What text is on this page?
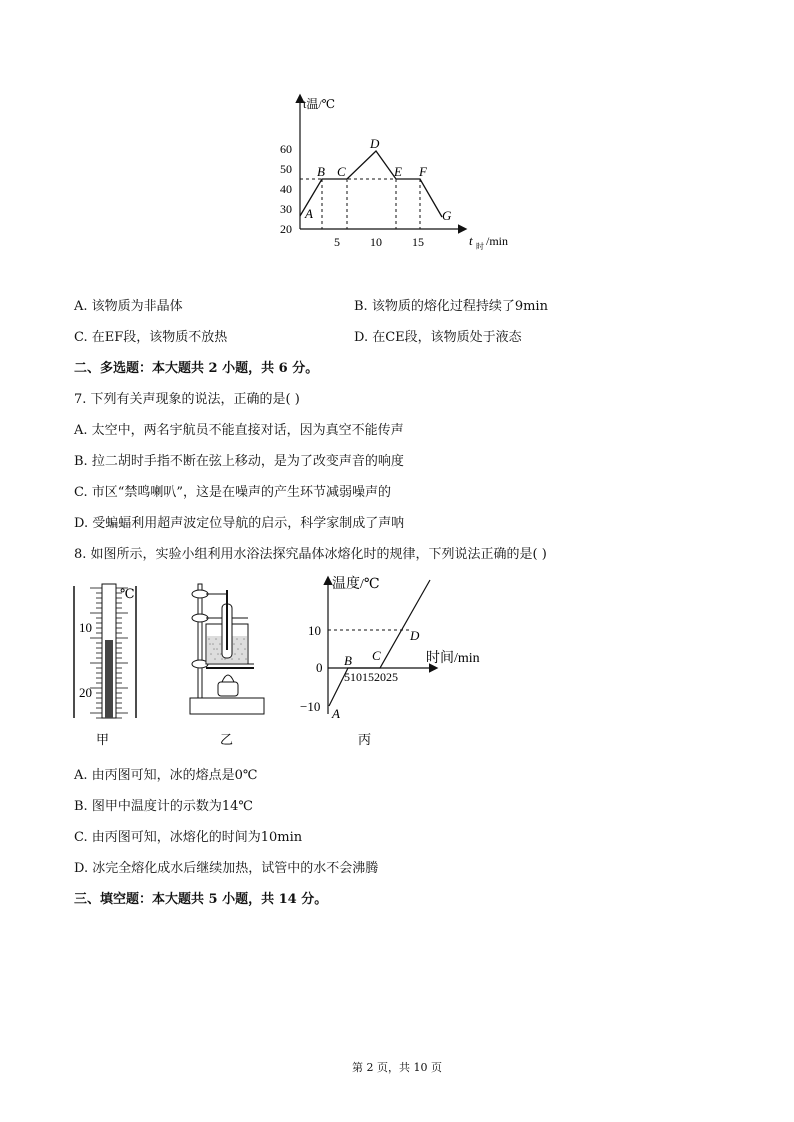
t温/℃
t 时 /min
20
30
40
50
60
5	10	15
A
B C
D
E F
G
A. 该物质为非晶体	B. 该物质的熔化过程持续了9min
C. 在EF段，该物质不放热	D. 在CE段，该物质处于液态
二、多选题：本大题共 2 小题，共 6 分。
7. 下列有关声现象的说法，正确的是( )
A. 太空中，两名宇航员不能直接对话，因为真空不能传声
B. 拉二胡时手指不断在弦上移动，是为了改变声音的响度
C. 市区“禁鸣喇叭”，这是在噪声的产生环节减弱噪声的
D. 受蝙蝠利用超声波定位导航的启示，科学家制成了声呐
8. 如图所示，实验小组利用水浴法探究晶体冰熔化时的规律，下列说法正确的是( )
℃
10
20
甲	乙
温度/℃
时间/min
10
0
−10
510152025
A
B C
D
丙
A. 由丙图可知，冰的熔点是0℃
B. 图甲中温度计的示数为14℃
C. 由丙图可知，冰熔化的时间为10min
D. 冰完全熔化成水后继续加热，试管中的水不会沸腾
三、填空题：本大题共 5 小题，共 14 分。
第 2 页，共 10 页
